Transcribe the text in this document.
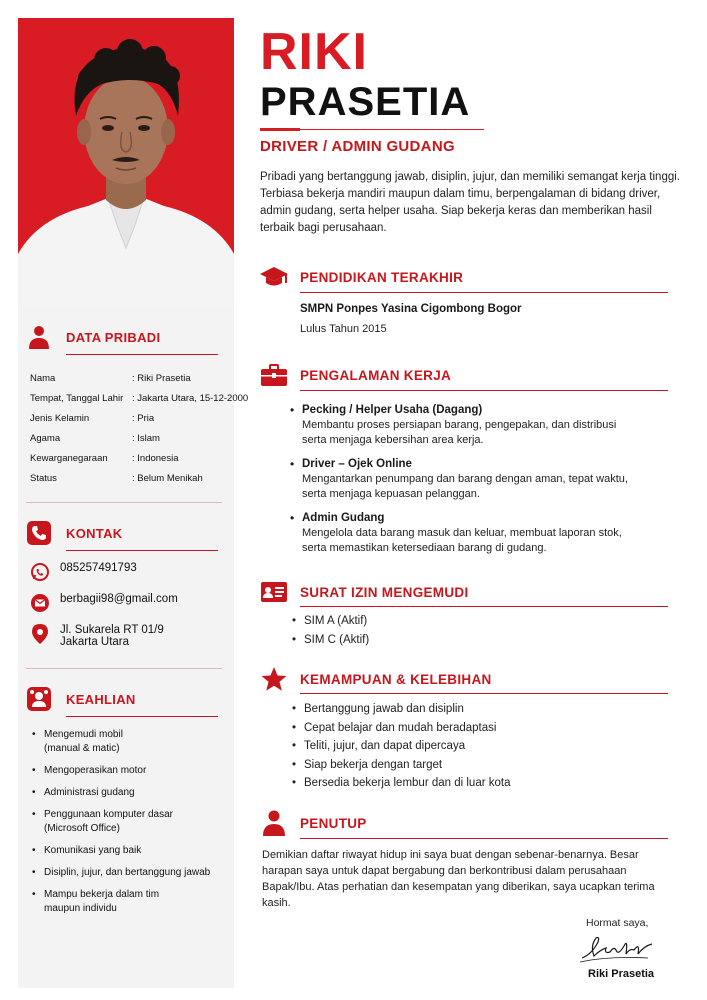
DATA PRIBADI
Nama	: Riki Prasetia
Tempat, Tanggal Lahir : Jakarta Utara, 15-12-2000
Jenis Kelamin	: Pria
Agama	: Islam
Kewarganegaraan	: Indonesia
Status	: Belum Menikah
KONTAK
085257491793
berbagii98@gmail.com
Jl. Sukarela RT 01/9
Jakarta Utara
KEAHLIAN
• Mengemudi mobil
(manual & matic)
• Mengoperasikan motor
• Administrasi gudang
• Penggunaan komputer dasar
(Microsoft Office)
• Komunikasi yang baik
• Disiplin, jujur, dan bertanggung jawab
• Mampu bekerja dalam tim
maupun individu
RIKI
PRASETIA
DRIVER / ADMIN GUDANG
Pribadi yang bertanggung jawab, disiplin, jujur, dan memiliki semangat kerja tinggi. Terbiasa bekerja mandiri maupun dalam timu, berpengalaman di bidang driver, admin gudang, serta helper usaha. Siap bekerja keras dan memberikan hasil terbaik bagi perusahaan.
PENDIDIKAN TERAKHIR
SMPN Ponpes Yasina Cigombong Bogor
Lulus Tahun 2015
PENGALAMAN KERJA
• Pecking / Helper Usaha (Dagang)
Membantu proses persiapan barang, pengepakan, dan distribusi
serta menjaga kebersihan area kerja.
• Driver – Ojek Online
Mengantarkan penumpang dan barang dengan aman, tepat waktu,
serta menjaga kepuasan pelanggan.
• Admin Gudang
Mengelola data barang masuk dan keluar, membuat laporan stok,
serta memastikan ketersediaan barang di gudang.
SURAT IZIN MENGEMUDI
• SIM A (Aktif)
• SIM C (Aktif)
KEMAMPUAN & KELEBIHAN
• Bertanggung jawab dan disiplin
• Cepat belajar dan mudah beradaptasi
• Teliti, jujur, dan dapat dipercaya
• Siap bekerja dengan target
• Bersedia bekerja lembur dan di luar kota
PENUTUP
Demikian daftar riwayat hidup ini saya buat dengan sebenar-benarnya. Besar harapan saya untuk dapat bergabung dan berkontribusi dalam perusahaan Bapak/Ibu. Atas perhatian dan kesempatan yang diberikan, saya ucapkan terima kasih.
Hormat saya,
Riki Prasetia
